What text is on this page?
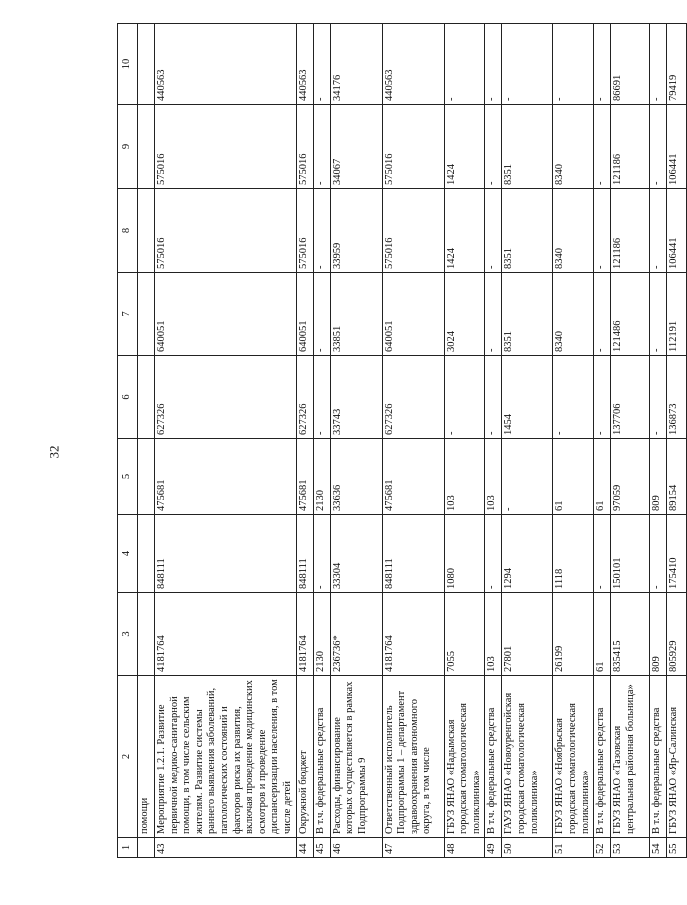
32
1	2	3	4	5	6	7	8	9	10
	помощи								
43	Мероприятие 1.2.1. Развитие первичной медико-санитарной помощи, в том числе сельским жителям. Развитие системы раннего выявления заболеваний, патологических состояний и факторов риска их развития, включая проведение медицинских осмотров и проведение диспансеризации населения, в том числе детей	4181764	848111	475681	627326	640051	575016	575016	440563
44	Окружной бюджет	4181764	848111	475681	627326	640051	575016	575016	440563
45	В т.ч. федеральные средства	2130	-	2130	-	-	-	-	-
46	Расходы, финансирование которых осуществляется в рамках Подпрограммы 9	236736*	33304	33636	33743	33851	33959	34067	34176
47	Ответственный исполнитель Подпрограммы 1 – департамент здравоохранения автономного округа, в том числе	4181764	848111	475681	627326	640051	575016	575016	440563
48	ГБУЗ ЯНАО «Надымская городская стоматологическая поликлиника»	7055	1080	103	-	3024	1424	1424	-
49	В т.ч. федеральные средства	103	-	103	-	-	-	-	-
50	ГАУЗ ЯНАО «Новоуренгойская городская стоматологическая поликлиника»	27801	1294	-	1454	8351	8351	8351	-
51	ГБУЗ ЯНАО «Ноябрьская городская стоматологическая поликлиника»	26199	1118	61	-	8340	8340	8340	-
52	В т.ч. федеральные средства	61	-	61	-	-	-	-	-
53	ГБУЗ ЯНАО «Тазовская центральная районная больница»	835415	150101	97059	137706	121486	121186	121186	86691
54	В т.ч. федеральные средства	809	-	809	-	-	-	-	-
55	ГБУЗ ЯНАО «Яр-Салинская	805929	175410	89154	136873	112191	106441	106441	79419
